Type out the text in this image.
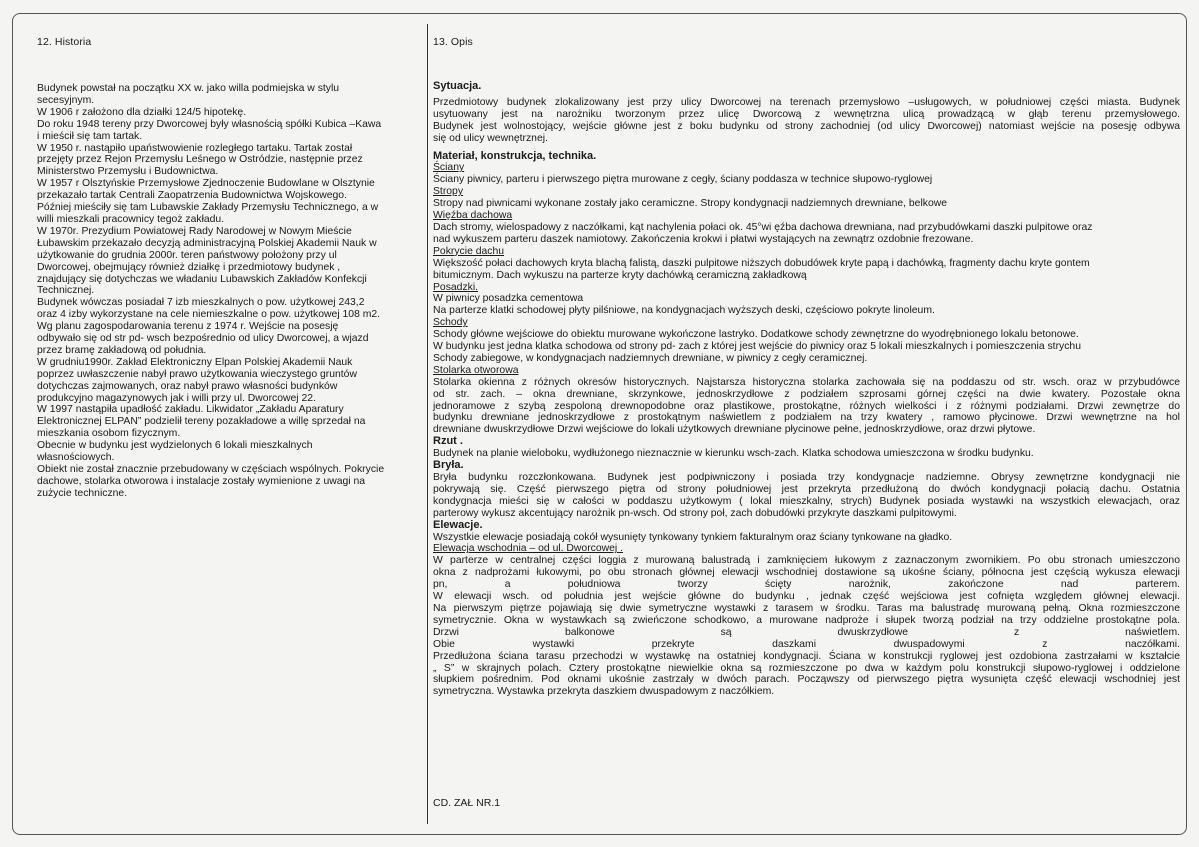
12. Historia	13. Opis

Budynek powstał na początku XX w. jako willa podmiejska w stylu

secesyjnym.

W 1906 r założono dla działki 124/5 hipotekę.

Do roku 1948 tereny przy Dworcowej były własnością spółki Kubica –Kawa

i mieścił się tam tartak.

W 1950 r. nastąpiło upaństwowienie rozległego tartaku. Tartak został

przejęty przez Rejon Przemysłu Leśnego w Ostródzie, następnie przez

Ministerstwo Przemysłu i Budownictwa.

W 1957 r Olsztyńskie Przemysłowe Zjednoczenie Budowlane w Olsztynie

przekazało tartak Centrali Zaopatrzenia Budownictwa Wojskowego.

Później mieściły się tam Lubawskie Zakłady Przemysłu Technicznego, a w

willi mieszkali pracownicy tegoż zakładu.

W 1970r. Prezydium Powiatowej Rady Narodowej w Nowym Mieście

Łubawskim przekazało decyzją administracyjną Polskiej Akademii Nauk w

użytkowanie do grudnia 2000r. teren państwowy położony przy ul

Dworcowej, obejmujący również działkę i przedmiotowy budynek ,

znajdujący się dotychczas we władaniu Lubawskich Zakładów Konfekcji

Technicznej.

Budynek wówczas posiadał 7 izb mieszkalnych o pow. użytkowej 243,2

oraz 4 izby wykorzystane na cele niemieszkalne o pow. użytkowej 108 m2.

Wg planu zagospodarowania terenu z 1974 r. Wejście na posesję

odbywało się od str pd- wsch bezpośrednio od ulicy Dworcowej, a wjazd

przez bramę zakładową od południa.

W grudniu1990r. Zakład Elektroniczny Elpan Polskiej Akademii Nauk

poprzez uwłaszczenie nabył prawo użytkowania wieczystego gruntów

dotychczas zajmowanych, oraz nabył prawo własności budynków

produkcyjno magazynowych jak i willi przy ul. Dworcowej 22.

W 1997 nastąpiła upadłość zakładu. Likwidator „Zakładu Aparatury

Elektronicznej ELPAN” podzielił tereny pozakładowe a willę sprzedał na

mieszkania osobom fizycznym.

Obecnie w budynku jest wydzielonych 6 lokali mieszkalnych

własnościowych.

Obiekt nie został znacznie przebudowany w częściach wspólnych. Pokrycie

dachowe, stolarka otworowa i instalacje zostały wymienione z uwagi na

zużycie techniczne.

Sytuacja.

Przedmiotowy budynek zlokalizowany jest przy ulicy Dworcowej na terenach przemysłowo –usługowych, w południowej części miasta. Budynek

usytuowany jest na narożniku tworzonym przez ulicę Dworcową z wewnętrzna ulicą prowadzącą w głąb terenu przemysłowego.

Budynek jest wolnostojący, wejście główne jest z boku budynku od strony zachodniej (od ulicy Dworcowej) natomiast wejście na posesję odbywa

się od ulicy wewnętrznej.

Materiał, konstrukcja, technika.

Ściany

Ściany piwnicy, parteru i pierwszego piętra murowane z cegły, ściany poddasza w technice słupowo-ryglowej

Stropy

Stropy nad piwnicami wykonane zostały jako ceramiczne. Stropy kondygnacji nadziemnych drewniane, belkowe

Więźba dachowa

Dach stromy, wielospadowy z naczółkami, kąt nachylenia połaci ok. 45°wi ęźba dachowa drewniana, nad przybudówkami daszki pulpitowe oraz

nad wykuszem parteru daszek namiotowy. Zakończenia krokwi i płatwi wystających na zewnątrz ozdobnie frezowane.

Pokrycie dachu

Większość połaci dachowych kryta blachą falistą, daszki pulpitowe niższych dobudówek kryte papą i dachówką, fragmenty dachu kryte gontem

bitumicznym. Dach wykuszu na parterze kryty dachówką ceramiczną zakładkową

Posadzki.

W piwnicy posadzka cementowa

Na parterze klatki schodowej płyty pilśniowe, na kondygnacjach wyższych deski, częściowo pokryte linoleum.

Schody

Schody główne wejściowe do obiektu murowane wykończone lastryko. Dodatkowe schody zewnętrzne do wyodrębnionego lokalu betonowe.

W budynku jest jedna klatka schodowa od strony pd- zach z której jest wejście do piwnicy oraz 5 lokali mieszkalnych i pomieszczenia strychu

Schody zabiegowe, w kondygnacjach nadziemnych drewniane, w piwnicy z cegły ceramicznej.

Stolarka otworowa

Stolarka okienna z różnych okresów historycznych. Najstarsza historyczna stolarka zachowała się na poddaszu od str. wsch. oraz w przybudówce

od str. zach. – okna drewniane, skrzynkowe, jednoskrzydłowe z podziałem szprosami górnej części na dwie kwatery. Pozostałe okna

jednoramowe z szybą zespoloną drewnopodobne oraz plastikowe, prostokątne, różnych wielkości i z różnymi podziałami. Drzwi zewnętrze do

budynku drewniane jednoskrzydłowe z prostokątnym naświetlem z podziałem na trzy kwatery , ramowo płycinowe. Drzwi wewnętrzne na hol

drewniane dwuskrzydłowe Drzwi wejściowe do lokali użytkowych drewniane płycinowe pełne, jednoskrzydłowe, oraz drzwi płytowe.

Rzut .

Budynek na planie wieloboku, wydłużonego nieznacznie w kierunku wsch-zach. Klatka schodowa umieszczona w środku budynku.

Bryła.

Bryła budynku rozczłonkowana. Budynek jest podpiwniczony i posiada trzy kondygnacje nadziemne. Obrysy zewnętrzne kondygnacji nie

pokrywają się. Część pierwszego piętra od strony południowej jest przekryta przedłużoną do dwóch kondygnacji połacią dachu. Ostatnia

kondygnacja mieści się w całości w poddaszu użytkowym ( lokal mieszkalny, strych) Budynek posiada wystawki na wszystkich elewacjach, oraz

parterowy wykusz akcentujący narożnik pn-wsch. Od strony poł, zach dobudówki przykryte daszkami pulpitowymi.

Elewacje.

Wszystkie elewacje posiadają cokół wysunięty tynkowany tynkiem fakturalnym oraz ściany tynkowane na gładko.

Elewacja wschodnia – od ul. Dworcowej .

W parterze w centralnej części loggia z murowaną balustradą i zamknięciem łukowym z zaznaczonym zwornikiem. Po obu stronach umieszczono

okna z nadprożami łukowymi, po obu stronach głównej elewacji wschodniej dostawione są ukośne ściany, północna jest częścią wykusza elewacji

pn, a południowa tworzy ścięty narożnik, zakończone nad parterem.

W elewacji wsch. od południa jest wejście główne do budynku , jednak część wejściowa jest cofnięta względem głównej elewacji.

Na pierwszym piętrze pojawiają się dwie symetryczne wystawki z tarasem w środku. Taras ma balustradę murowaną pełną. Okna rozmieszczone

symetrycznie. Okna w wystawkach są zwieńczone schodkowo, a murowane nadproże i słupek tworzą podział na trzy oddzielne prostokątne pola.

Drzwi balkonowe są dwuskrzydłowe z naświetlem.

Obie wystawki przekryte daszkami dwuspadowymi z naczółkami.

Przedłużona ściana tarasu przechodzi w wystawkę na ostatniej kondygnacji. Ściana w konstrukcji ryglowej jest ozdobiona zastrzałami w kształcie

„ S” w skrajnych polach. Cztery prostokątne niewielkie okna są rozmieszczone po dwa w każdym polu konstrukcji słupowo-ryglowej i oddzielone

słupkiem pośrednim. Pod oknami ukośnie zastrzały w dwóch parach. Począwszy od pierwszego piętra wysunięta część elewacji wschodniej jest

symetryczna. Wystawka przekryta daszkiem dwuspadowym z naczółkiem.

CD. ZAŁ NR.1
